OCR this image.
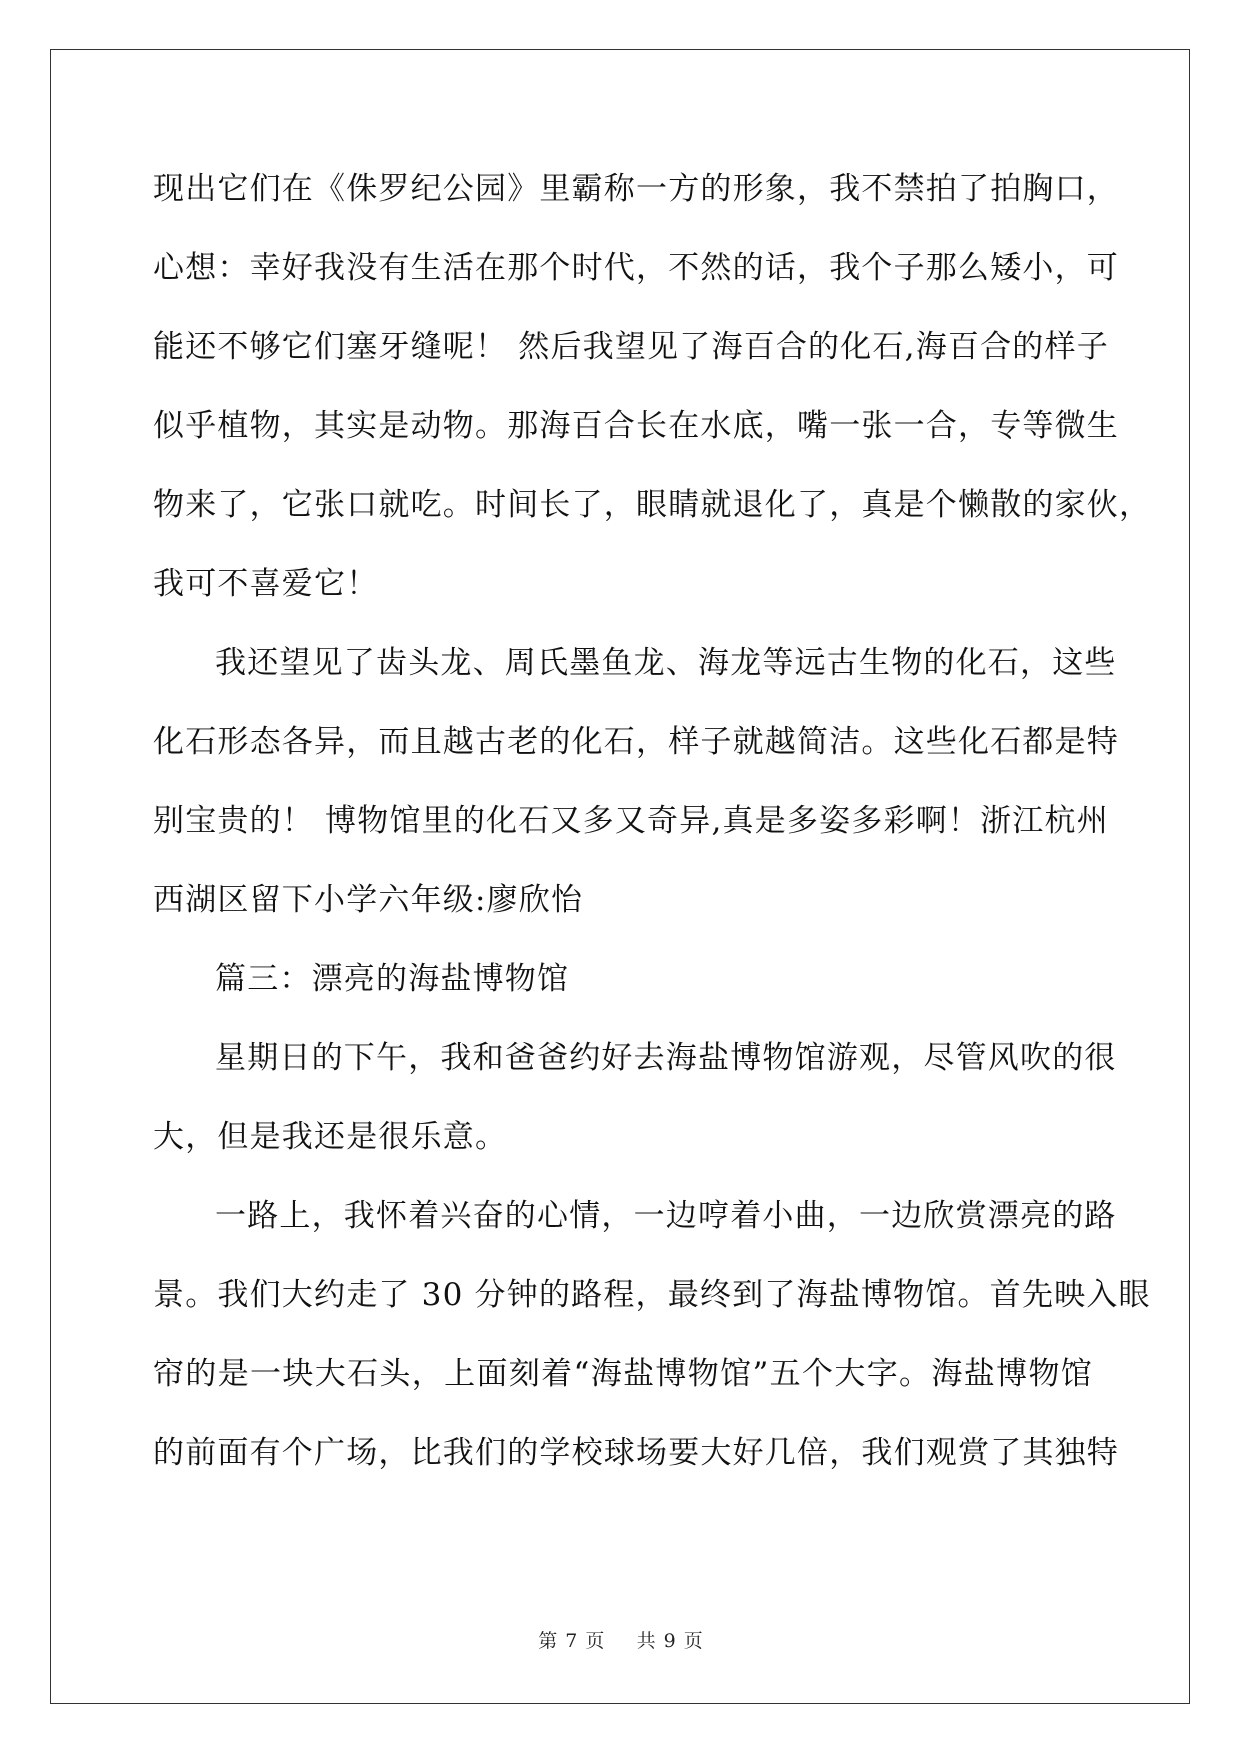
现出它们在《侏罗纪公园》里霸称一方的形象，我不禁拍了拍胸口，
心想：幸好我没有生活在那个时代，不然的话，我个子那么矮小，可
能还不够它们塞牙缝呢！ 然后我望见了海百合的化石,海百合的样子
似乎植物，其实是动物。那海百合长在水底，嘴一张一合，专等微生
物来了，它张口就吃。时间长了，眼睛就退化了，真是个懒散的家伙，
我可不喜爱它！
我还望见了齿头龙、周氏墨鱼龙、海龙等远古生物的化石，这些
化石形态各异，而且越古老的化石，样子就越简洁。这些化石都是特
别宝贵的！ 博物馆里的化石又多又奇异,真是多姿多彩啊！浙江杭州
西湖区留下小学六年级:廖欣怡
篇三：漂亮的海盐博物馆
星期日的下午，我和爸爸约好去海盐博物馆游观，尽管风吹的很
大，但是我还是很乐意。
一路上，我怀着兴奋的心情，一边哼着小曲，一边欣赏漂亮的路
景。我们大约走了 30 分钟的路程，最终到了海盐博物馆。首先映入眼
帘的是一块大石头，上面刻着“海盐博物馆”五个大字。海盐博物馆
的前面有个广场，比我们的学校球场要大好几倍，我们观赏了其独特
第 7 页    共 9 页
